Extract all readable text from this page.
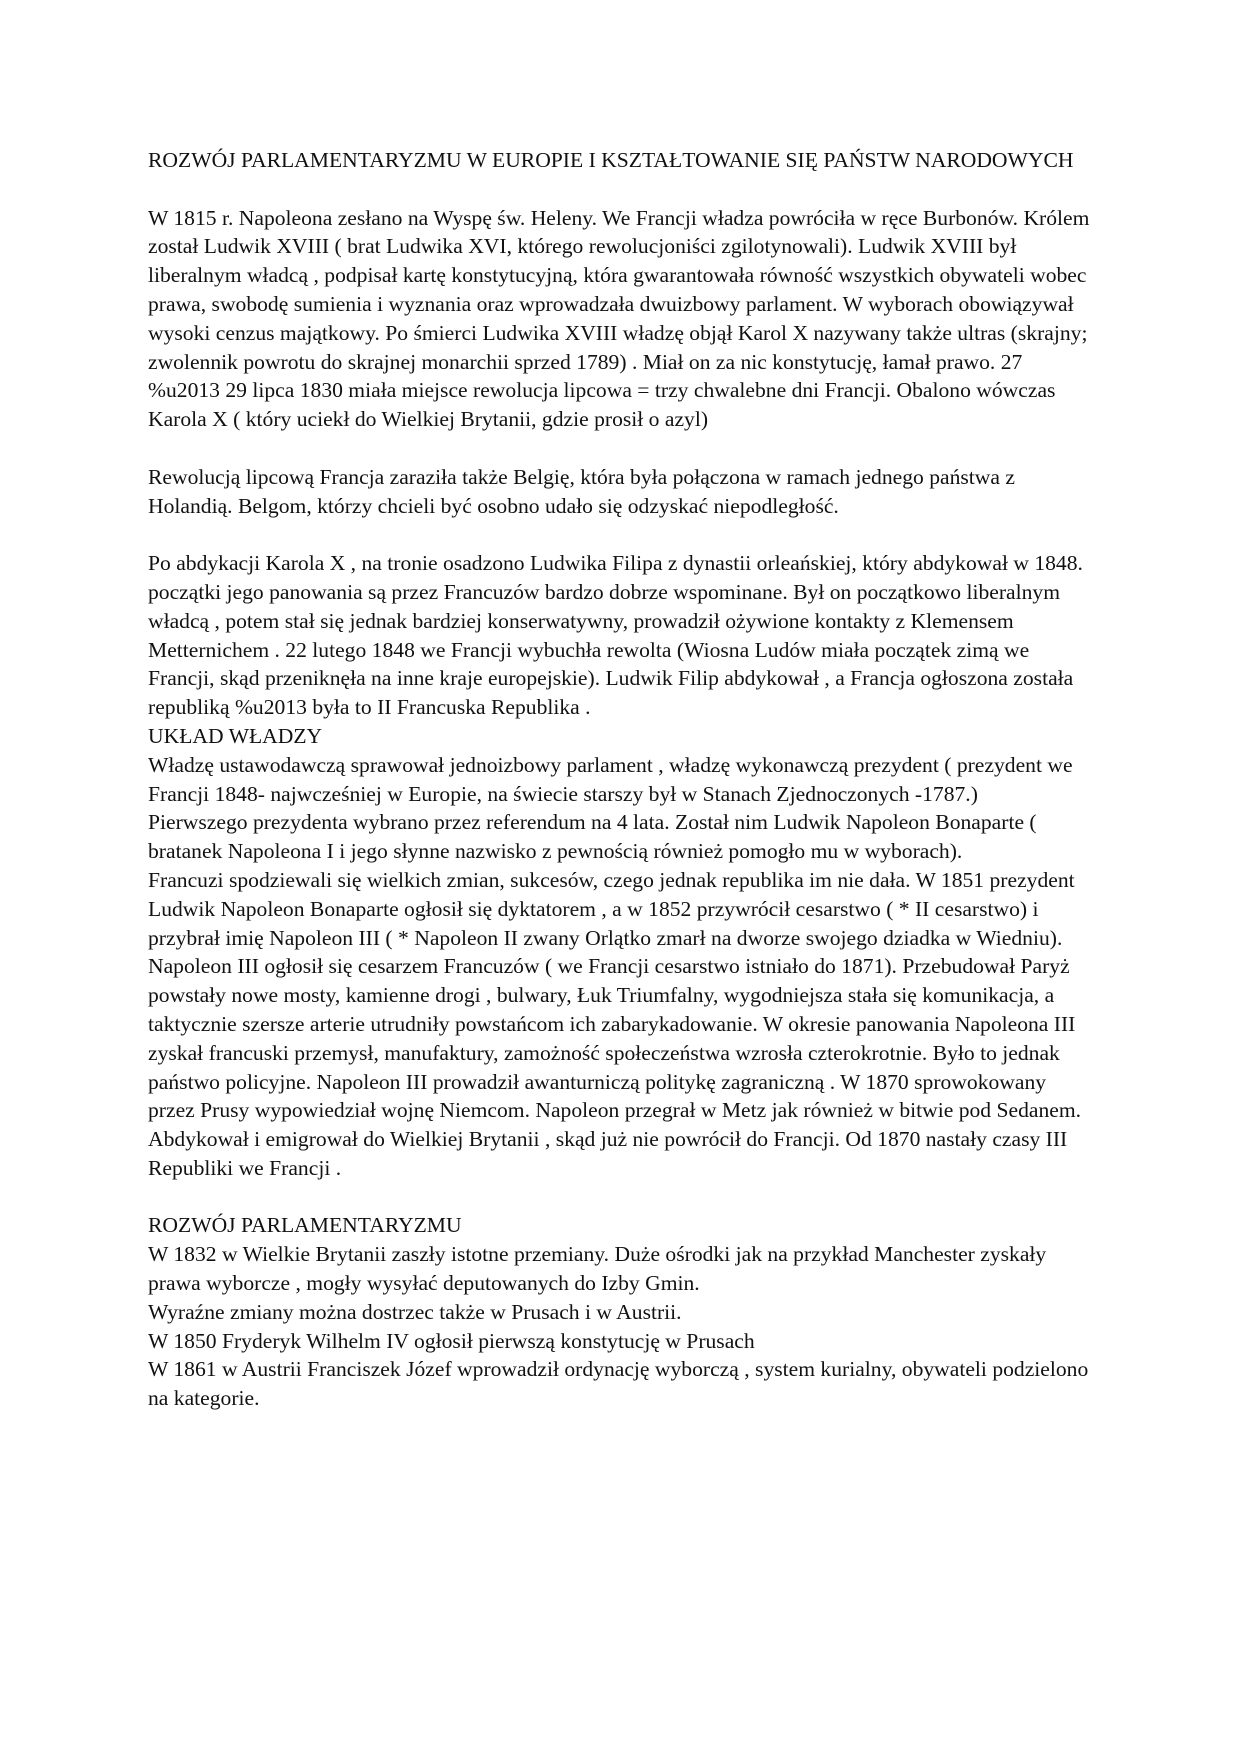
ROZWÓJ PARLAMENTARYZMU W EUROPIE I KSZTAŁTOWANIE SIĘ PAŃSTW NARODOWYCH

W 1815 r. Napoleona zesłano na Wyspę św. Heleny. We Francji władza powróciła w ręce Burbonów. Królem został Ludwik XVIII ( brat Ludwika XVI, którego rewolucjoniści zgilotynowali). Ludwik XVIII był liberalnym władcą , podpisał kartę konstytucyjną, która gwarantowała równość wszystkich obywateli wobec prawa, swobodę sumienia i wyznania oraz wprowadzała dwuizbowy parlament. W wyborach obowiązywał wysoki cenzus majątkowy. Po śmierci Ludwika XVIII władzę objął Karol X nazywany także ultras (skrajny; zwolennik powrotu do skrajnej monarchii sprzed 1789) . Miał on za nic konstytucję, łamał prawo. 27 %u2013 29 lipca 1830 miała miejsce rewolucja lipcowa = trzy chwalebne dni Francji. Obalono wówczas Karola X ( który uciekł do Wielkiej Brytanii, gdzie prosił o azyl)

Rewolucją lipcową Francja zaraziła także Belgię, która była połączona w ramach jednego państwa z Holandią. Belgom, którzy chcieli być osobno udało się odzyskać niepodległość.

Po abdykacji Karola X , na tronie osadzono Ludwika Filipa z dynastii orleańskiej, który abdykował w 1848. początki jego panowania są przez Francuzów bardzo dobrze wspominane. Był on początkowo liberalnym władcą , potem stał się jednak bardziej konserwatywny, prowadził ożywione kontakty z Klemensem Metternichem . 22 lutego 1848 we Francji wybuchła rewolta (Wiosna Ludów miała początek zimą we Francji, skąd przeniknęła na inne kraje europejskie). Ludwik Filip abdykował , a Francja ogłoszona została republiką %u2013 była to II Francuska Republika .

UKŁAD WŁADZY

Władzę ustawodawczą sprawował jednoizbowy parlament , władzę wykonawczą prezydent ( prezydent we Francji 1848- najwcześniej w Europie, na świecie starszy był w Stanach Zjednoczonych -1787.)

Pierwszego prezydenta wybrano przez referendum na 4 lata. Został nim Ludwik Napoleon Bonaparte ( bratanek Napoleona I i jego słynne nazwisko z pewnością również pomogło mu w wyborach).

Francuzi spodziewali się wielkich zmian, sukcesów, czego jednak republika im nie dała. W 1851 prezydent Ludwik Napoleon Bonaparte ogłosił się dyktatorem , a w 1852 przywrócił cesarstwo ( * II cesarstwo) i przybrał imię Napoleon III ( * Napoleon II zwany Orlątko zmarł na dworze swojego dziadka w Wiedniu). Napoleon III ogłosił się cesarzem Francuzów ( we Francji cesarstwo istniało do 1871). Przebudował Paryż powstały nowe mosty, kamienne drogi , bulwary, Łuk Triumfalny, wygodniejsza stała się komunikacja, a taktycznie szersze arterie utrudniły powstańcom ich zabarykadowanie. W okresie panowania Napoleona III zyskał francuski przemysł, manufaktury, zamożność społeczeństwa wzrosła czterokrotnie. Było to jednak państwo policyjne. Napoleon III prowadził awanturniczą politykę zagraniczną . W 1870 sprowokowany przez Prusy wypowiedział wojnę Niemcom. Napoleon przegrał w Metz jak również w bitwie pod Sedanem. Abdykował i emigrował do Wielkiej Brytanii , skąd już nie powrócił do Francji. Od 1870 nastały czasy III Republiki we Francji .

ROZWÓJ PARLAMENTARYZMU

W 1832 w Wielkie Brytanii zaszły istotne przemiany. Duże ośrodki jak na przykład Manchester zyskały prawa wyborcze , mogły wysyłać deputowanych do Izby Gmin.

Wyraźne zmiany można dostrzec także w Prusach i w Austrii.

W 1850 Fryderyk Wilhelm IV ogłosił pierwszą konstytucję w Prusach

W 1861 w Austrii Franciszek Józef wprowadził ordynację wyborczą , system kurialny, obywateli podzielono na kategorie.
